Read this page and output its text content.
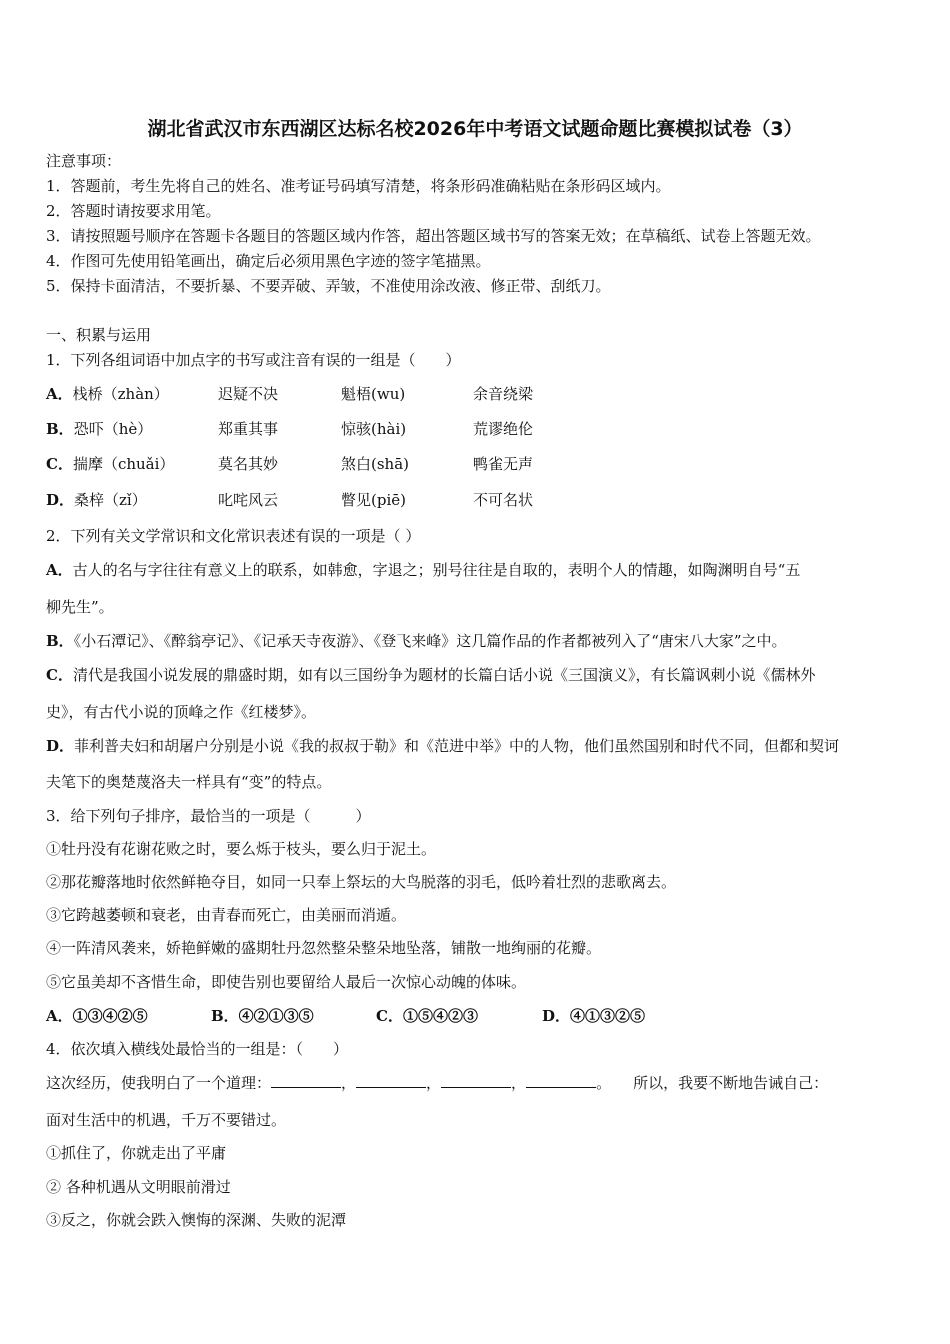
湖北省武汉市东西湖区达标名校2026年中考语文试题命题比赛模拟试卷（3）
注意事项：
1．答题前，考生先将自己的姓名、准考证号码填写清楚，将条形码准确粘贴在条形码区域内。
2．答题时请按要求用笔。
3．请按照题号顺序在答题卡各题目的答题区域内作答，超出答题区域书写的答案无效；在草稿纸、试卷上答题无效。
4．作图可先使用铅笔画出，确定后必须用黑色字迹的签字笔描黑。
5．保持卡面清洁，不要折暴、不要弄破、弄皱，不准使用涂改液、修正带、刮纸刀。
一、积累与运用
1．下列各组词语中加点字的书写或注音有误的一组是（　　）
A．栈桥（zhàn）	迟疑不决	魁梧(wu)	余音绕梁
B．恐吓（hè）	郑重其事	惊骇(hài)	荒谬绝伦
C．揣摩（chuǎi）	莫名其妙	煞白(shā)	鸭雀无声
D．桑梓（zǐ）	叱咤风云	瞥见(piē)	不可名状
2．下列有关文学常识和文化常识表述有误的一项是（ ）
A．古人的名与字往往有意义上的联系，如韩愈，字退之；别号往往是自取的，表明个人的情趣，如陶渊明自号“五
柳先生”。
B．《小石潭记》、《醉翁亭记》、《记承天寺夜游》、《登飞来峰》这几篇作品的作者都被列入了“唐宋八大家”之中。
C．清代是我国小说发展的鼎盛时期，如有以三国纷争为题材的长篇白话小说《三国演义》，有长篇讽刺小说《儒林外
史》，有古代小说的顶峰之作《红楼梦》。
D．菲利普夫妇和胡屠户分别是小说《我的叔叔于勒》和《范进中举》中的人物，他们虽然国别和时代不同，但都和契诃
夫笔下的奥楚蔑洛夫一样具有“变”的特点。
3．给下列句子排序，最恰当的一项是（　　　）
①牡丹没有花谢花败之时，要么烁于枝头，要么归于泥土。
②那花瓣落地时依然鲜艳夺目，如同一只奉上祭坛的大鸟脱落的羽毛，低吟着壮烈的悲歌离去。
③它跨越萎顿和衰老，由青春而死亡，由美丽而消遁。
④一阵清风袭来，娇艳鲜嫩的盛期牡丹忽然整朵整朵地坠落，铺散一地绚丽的花瓣。
⑤它虽美却不吝惜生命，即使告别也要留给人最后一次惊心动魄的体味。
A．①③④②⑤	B．④②①③⑤	C．①⑤④②③	D．④①③②⑤
4．依次填入横线处最恰当的一组是：（　　）
这次经历，使我明白了一个道理：	，	，	，	。 所以，我要不断地告诫自己：
面对生活中的机遇，千万不要错过。
①抓住了，你就走出了平庸
② 各种机遇从文明眼前滑过
③反之，你就会跌入懊悔的深渊、失败的泥潭
